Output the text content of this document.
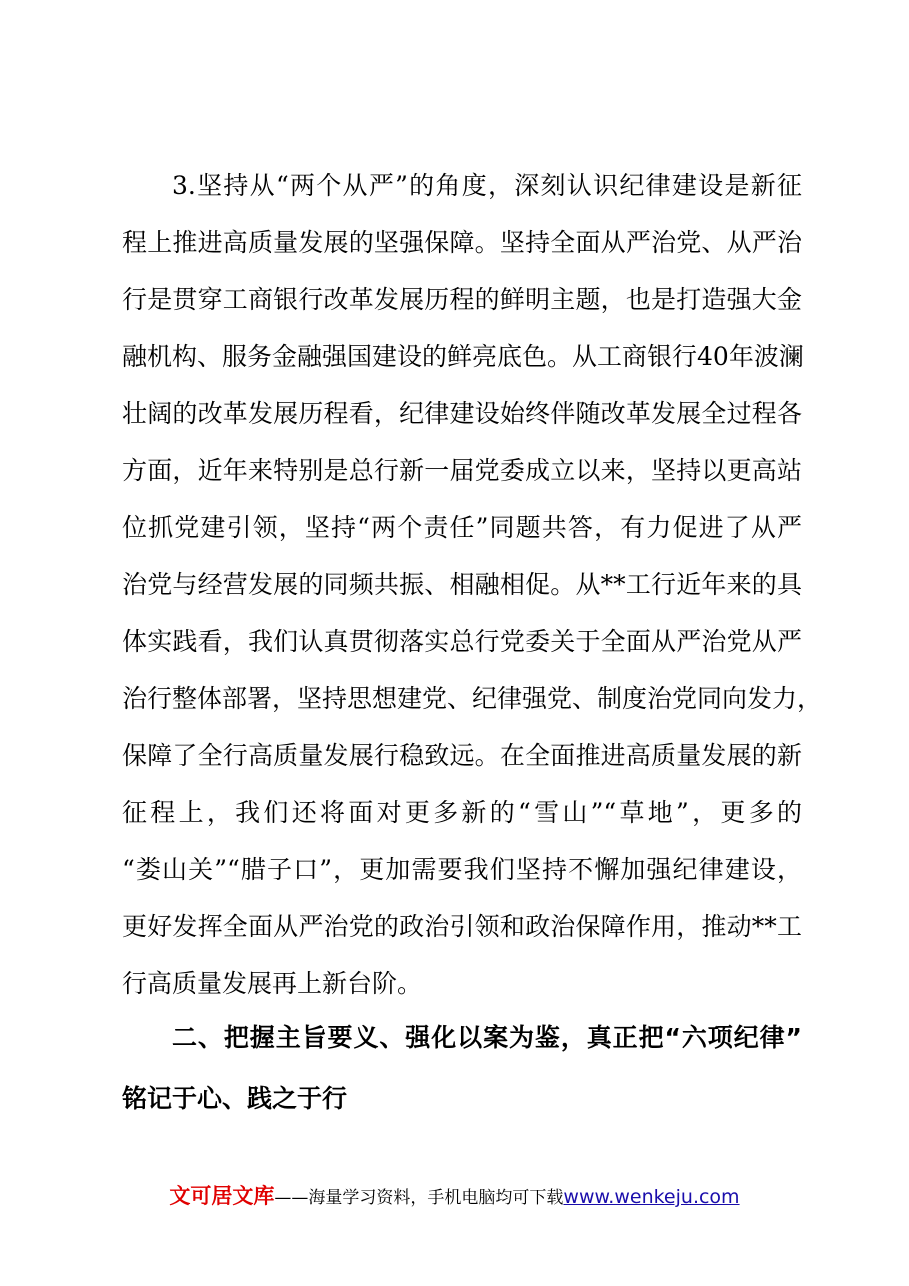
3.坚持从“两个从严”的角度，深刻认识纪律建设是新征
程上推进高质量发展的坚强保障。坚持全面从严治党、从严治
行是贯穿工商银行改革发展历程的鲜明主题，也是打造强大金
融机构、服务金融强国建设的鲜亮底色。从工商银行40年波澜
壮阔的改革发展历程看，纪律建设始终伴随改革发展全过程各
方面，近年来特别是总行新一届党委成立以来，坚持以更高站
位抓党建引领，坚持“两个责任”同题共答，有力促进了从严
治党与经营发展的同频共振、相融相促。从**工行近年来的具
体实践看，我们认真贯彻落实总行党委关于全面从严治党从严
治行整体部署，坚持思想建党、纪律强党、制度治党同向发力，
保障了全行高质量发展行稳致远。在全面推进高质量发展的新
征程上，我们还将面对更多新的“雪山”“草地”，更多的
“娄山关”“腊子口”，更加需要我们坚持不懈加强纪律建设，
更好发挥全面从严治党的政治引领和政治保障作用，推动**工
行高质量发展再上新台阶。
二、把握主旨要义、强化以案为鉴，真正把“六项纪律”
铭记于心、践之于行
文可居文库——海量学习资料，手机电脑均可下载www.wenkeju.com
